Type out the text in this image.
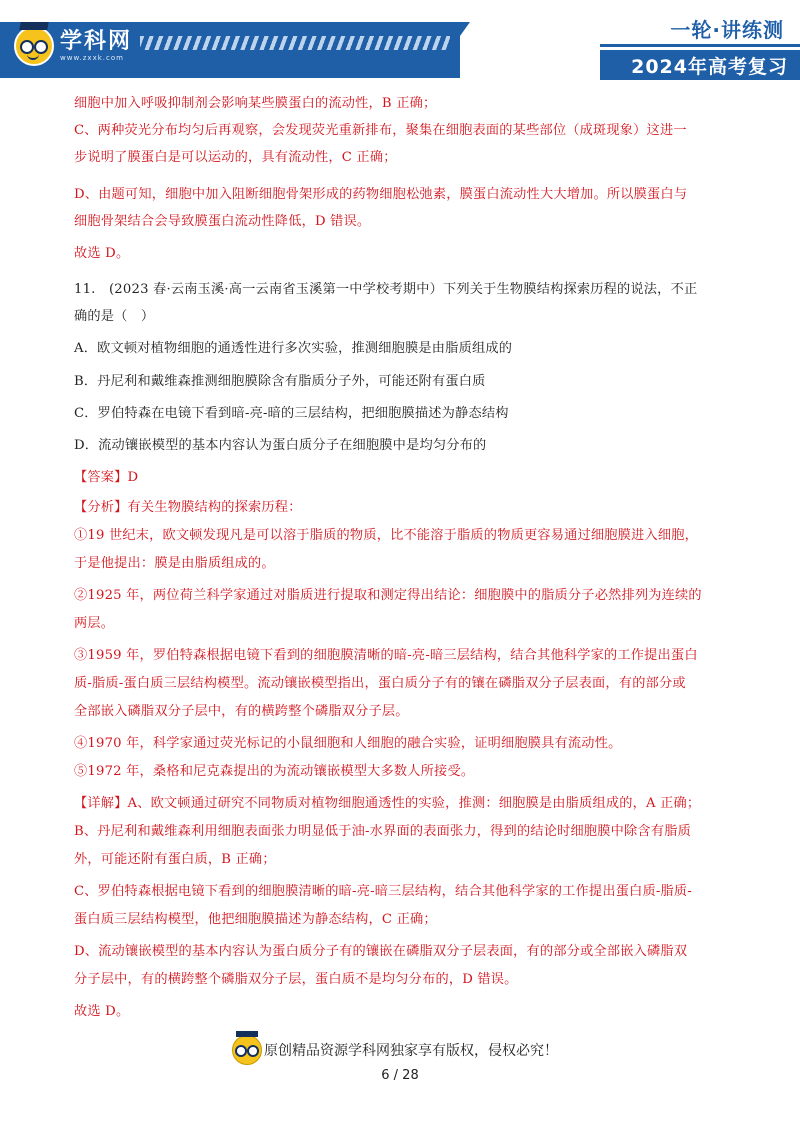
学科网
www.zxxk.com
一轮·讲练测
2024年高考复习
细胞中加入呼吸抑制剂会影响某些膜蛋白的流动性，B 正确；
C、两种荧光分布均匀后再观察，会发现荧光重新排布，聚集在细胞表面的某些部位（成斑现象）这进一
步说明了膜蛋白是可以运动的，具有流动性，C 正确；
D、由题可知，细胞中加入阻断细胞骨架形成的药物细胞松弛素，膜蛋白流动性大大增加。所以膜蛋白与
细胞骨架结合会导致膜蛋白流动性降低，D 错误。
故选 D。
11.　(2023 春·云南玉溪·高一云南省玉溪第一中学校考期中）下列关于生物膜结构探索历程的说法，不正
确的是（　）
A．欧文顿对植物细胞的通透性进行多次实验，推测细胞膜是由脂质组成的
B．丹尼利和戴维森推测细胞膜除含有脂质分子外，可能还附有蛋白质
C．罗伯特森在电镜下看到暗-亮-暗的三层结构，把细胞膜描述为静态结构
D．流动镶嵌模型的基本内容认为蛋白质分子在细胞膜中是均匀分布的
【答案】D
【分析】有关生物膜结构的探索历程：
①19 世纪末，欧文顿发现凡是可以溶于脂质的物质，比不能溶于脂质的物质更容易通过细胞膜进入细胞，
于是他提出：膜是由脂质组成的。
②1925 年，两位荷兰科学家通过对脂质进行提取和测定得出结论：细胞膜中的脂质分子必然排列为连续的
两层。
③1959 年，罗伯特森根据电镜下看到的细胞膜清晰的暗-亮-暗三层结构，结合其他科学家的工作提出蛋白
质-脂质-蛋白质三层结构模型。流动镶嵌模型指出，蛋白质分子有的镶在磷脂双分子层表面，有的部分或
全部嵌入磷脂双分子层中，有的横跨整个磷脂双分子层。
④1970 年，科学家通过荧光标记的小鼠细胞和人细胞的融合实验，证明细胞膜具有流动性。
⑤1972 年，桑格和尼克森提出的为流动镶嵌模型大多数人所接受。
【详解】A、欧文顿通过研究不同物质对植物细胞通透性的实验，推测：细胞膜是由脂质组成的，A 正确；
B、丹尼利和戴维森利用细胞表面张力明显低于油-水界面的表面张力，得到的结论时细胞膜中除含有脂质
外，可能还附有蛋白质，B 正确；
C、罗伯特森根据电镜下看到的细胞膜清晰的暗-亮-暗三层结构，结合其他科学家的工作提出蛋白质-脂质-
蛋白质三层结构模型，他把细胞膜描述为静态结构，C 正确；
D、流动镶嵌模型的基本内容认为蛋白质分子有的镶嵌在磷脂双分子层表面，有的部分或全部嵌入磷脂双
分子层中，有的横跨整个磷脂双分子层，蛋白质不是均匀分布的，D 错误。
故选 D。
原创精品资源学科网独家享有版权，侵权必究！
6 / 28
